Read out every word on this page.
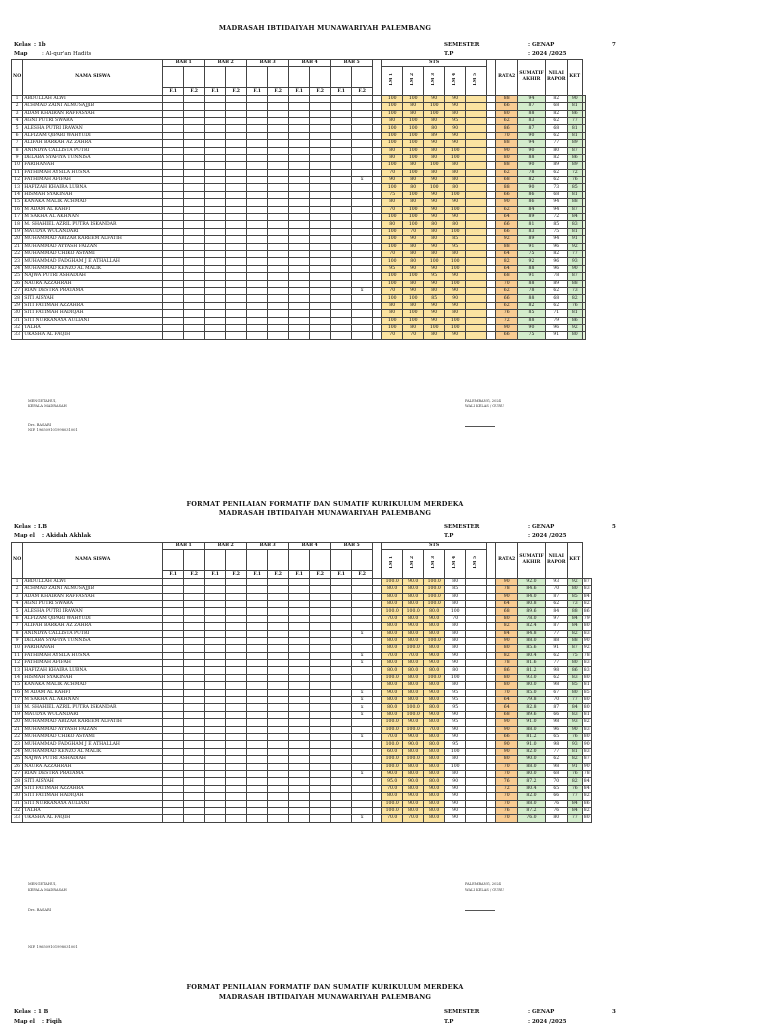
MADRASAH IBTIDAIYAH MUNAWARIYAH PALEMBANG
Kelas : 1b
Map	: Al-qur'an Hadits
SEMESTER	: GENAP	7
T.P	: 2024 /2025
NO	NAMA SISWA	BAB 1		BAB 2		BAB 3		BAB 4		BAB 5			STS						RATA2	SUMATIF AKHIR	NILAI RAPOR	KET	
													LM 1	LM 2	LM 3	LM 4	LM 5						
		F.1	F.2	F.1	F.2	F.1	F.2	F.1	F.2	F.1	F.2												
1	ABDULLAH ALWI												100	100	90	90			88	94	82	90	
2	ACHMAD ZAINI ALMUSAJJIB												100	80	100	90			66	87	68	81	
3	ADAM KHAIRAN RAFFASYAH												100	80	100	80			80	88	82	86	
4	AGNI PUTRI SWARA												80	100	80	95			62	83	62	77	
5	ALESHA PUTRI IRAWAN												100	100	80	90			86	87	68	81	
6	ALFIZAM QIPARI WAHYUDI												100	100	89	90			70	90	62	81	
7	ALIFAH BARKAH AZ ZAHRA												100	100	90	90			88	94	77	89	
8	ANINDYA CALLISTA PUTRI												80	100	80	100			90	90	80	87	
9	DELABA SYAFIYA TUNNISA												80	100	80	100			80	88	82	86	
10	FARIHANAH												100	80	100	80			88	90	89	89	
11	FATHIMAH AYSILA HUSNA												70	100	80	80			62	78	62	72	
12	FATHIMAH AFIFAH										x		90	80	90	80			68	82	62	76	
13	HAFIZAH KHAIRA LUBNA												100	80	100	80			88	90	73	85	
14	HISMAH SYAKINAH												75	100	90	100			66	86	68	81	
15	KANAKA MALIK ACHMAD												80	80	90	90			90	86	94	88	
16	M ADAM AL KAHFI												70	100	90	100			62	84	94	87	
17	M SAKHA AL AKHNAN												100	100	90	90			64	89	72	84	
18	M. SHAHIEL AZRIL PUTRA ISKANDAR												80	100	80	80			66	81	85	83	
19	MAUDYA WULANDARI												100	70	80	100			66	83	75	81	
20	MUHAMMAD ABIZAR KAREEM ALFATIH												100	90	80	85			92	89	94	91	
21	MUHAMMAD AYYASH FAIZAN												100	80	90	95			88	91	96	92	
22	MUHAMMAD CHIKO ASYAMI												70	80	80	80			64	75	82	77	
23	MUHAMMAD FADGHAM J E ATHALLAH												100	80	100	100			82	92	96	93	
24	MUHAMMAD KENZO AL MALIK												95	90	90	100			64	88	96	90	
25	NAJWA PUTRI ASHADIAH												100	100	95	90			68	91	78	87	
26	NAURA AZZAHRAH												100	80	90	100			70	88	89	88	
27	RIAN DESTRA PRATAMA										x		70	90	80	90			62	78	62	73	
28	SITI AISYAH												100	100	85	90			66	88	68	82	
29	SITI FATIMAH AZZAHRA												80	80	90	90			62	82	62	76	
30	SITI FATIMAH HADIQAH												80	100	90	80			76	85	71	81	
31	SITI NURKANAYA AULIANI												100	100	90	100			72	88	79	86	
32	TALHA												100	80	100	100			90	90	96	92	
33	UKASHA AL FAQIH												70	70	80	90			66	75	91	80	
MENGETAHUI,
KEPALA MADRASAH
PALEMBANG, 2024
WALI KELAS / GURU
Drs. BASARI
NIP. 196509101998031001
FORMAT PENILAIAN FORMATIF DAN SUMATIF KURIKULUM MERDEKA
MADRASAH IBTIDAIYAH MUNAWARIYAH PALEMBANG
Kelas : I.B
Map el : Akidah Akhlak
SEMESTER	: GENAP	5
T.P	: 2024 /2025
NO	NAMA SISWA	BAB 1		BAB 2		BAB 3		BAB 4		BAB 5			STS						RATA2	SUMATIF AKHIR	NILAI RAPOR	KET	
													LM 1	LM 2	LM 3	LM 4	LM 5						
		F.1	F.2	F.1	F.2	F.1	F.2	F.1	F.2	F.1	F.2												
1	ABDULLAH ALWI												100.0	90.0	100.0	80			90	92.0	93	92	87
2	ACHMAD ZAINI ALMUSAJJIB												80.0	80.0	100.0	85			78	84.6	70	80	83
3	ADAM KHAIRAN RAFFASYAH												80.0	80.0	100.0	80			90	84.0	87	85	84
4	AGNI PUTRI SWARA												80.0	80.0	100.0	80			64	80.8	62	73	82
5	ALESHA PUTRI IRAWAN												100.0	100.0	80.0	100			68	89.6	84	88	86
6	ALFIZAM QIPARI WAHYUDI												70.0	80.0	90.0	70			80	78.0	97	84	79
7	ALIFAH BARKAH AZ ZAHRA												80.0	90.0	80.0	80			82	82.4	87	84	80
8	ANINDYA CALLISTA PUTRI										x		80.0	80.0	80.0	80			84	84.8	77	82	83
9	DELABA SYAFIYA TUNNISA												80.0	80.0	100.0	80			90	88.0	88	88	90
10	FARIHANAH												80.0	100.0	80.0	80			80	85.6	91	87	92
11	FATHIMAH AYSILA HUSNA										x		70.0	70.0	90.0	90			82	80.4	62	75	78
12	FATHIMAH AFIFAH										x		80.0	80.0	90.0	90			78	81.6	77	80	83
13	HAFIZAH KHAIRA LUBNA												80.0	80.0	80.0	80			86	81.2	98	86	83
14	HISMAH SYAKINAH												100.0	80.0	100.0	100			80	93.0	62	83	80
15	KANAKA MALIK ACHMAD												80.0	80.0	80.0	80			80	80.0	98	85	81
16	M ADAM AL KAHFI										x		90.0	80.0	90.0	95			70	85.0	67	80	85
17	M SAKHA AL AKHNAN										x		80.0	80.0	80.0	95			64	79.8	70	77	80
18	M. SHAHIEL AZRIL PUTRA ISKANDAR										x		80.0	100.0	80.0	95			64	82.8	87	84	80
19	MAUDYA WULANDARI										x		80.0	100.0	90.0	90			68	89.6	66	83	81
20	MUHAMMAD ABIZAR KAREEM ALFATIH												100.0	90.0	80.0	95			90	91.0	98	93	82
21	MUHAMMAD AYYASH FAIZAN												100.0	100.0	70.0	90			90	88.0	96	90	83
22	MUHAMMAD CHIKO ASYAMI										x		70.0	90.0	80.0	90			66	81.2	65	76	80
23	MUHAMMAD FADGHAM J E ATHALLAH												100.0	90.0	80.0	95			90	91.0	98	93	90
24	MUHAMMAD KENZO AL MALIK												60.0	80.0	80.0	100			90	82.0	77	81	83
25	NAJWA PUTRI ASHADIAH												100.0	100.0	80.0	80			80	90.0	62	82	87
26	NAURA AZZAHRAH												100.0	80.0	80.0	100			70	88.0	98	91	90
27	RIAN DESTRA PRATAMA										x		90.0	80.0	80.0	80			70	80.0	68	76	78
28	SITI AISYAH												95.0	90.0	80.0	90			76	87.2	70	82	84
29	SITI FATIMAH AZZAHRA												70.0	80.0	90.0	90			72	80.4	65	76	84
30	SITI FATIMAH HADIQAH												80.0	90.0	80.0	90			70	82.0	66	77	82
31	SITI NURKANAYA AULIANI												100.0	90.0	80.0	90			70	88.0	76	84	86
32	TALHA												100.0	80.0	80.0	90			76	87.2	76	84	82
33	UKASHA AL FAQIH										x		70.0	70.0	80.0	90			70	76.0	80	77	80
MENGETAHUI,
KEPALA MADRASAH
PALEMBANG, 2024
WALI KELAS / GURU
Drs. BASARI
NIP. 196509101998031001
FORMAT PENILAIAN FORMATIF DAN SUMATIF KURIKULUM MERDEKA
MADRASAH IBTIDAIYAH MUNAWARIYAH PALEMBANG
Kelas : 1 B
Map el : Fiqih
SEMESTER	: GENAP	3
T.P	: 2024 /2025
